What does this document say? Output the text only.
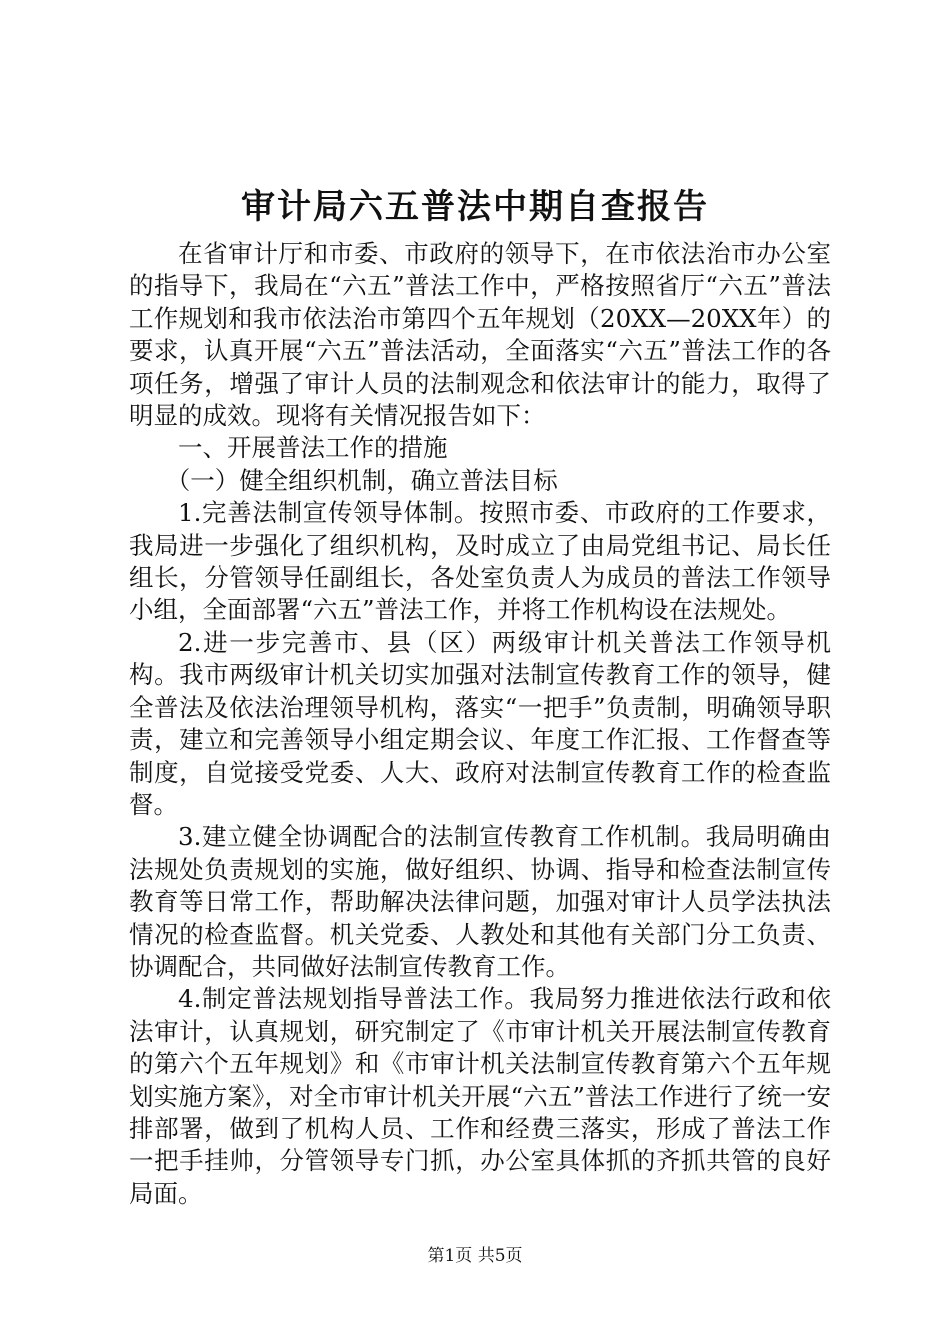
审计局六五普法中期自查报告

在省审计厅和市委、市政府的领导下，在市依法治市办公室的指导下，我局在“六五”普法工作中，严格按照省厅“六五”普法工作规划和我市依法治市第四个五年规划（20XX—20XX年）的要求，认真开展“六五”普法活动，全面落实“六五”普法工作的各项任务，增强了审计人员的法制观念和依法审计的能力，取得了明显的成效。现将有关情况报告如下：

一、开展普法工作的措施

（一）健全组织机制，确立普法目标

1.完善法制宣传领导体制。按照市委、市政府的工作要求，我局进一步强化了组织机构，及时成立了由局党组书记、局长任组长，分管领导任副组长，各处室负责人为成员的普法工作领导小组，全面部署“六五”普法工作，并将工作机构设在法规处。

2.进一步完善市、县（区）两级审计机关普法工作领导机构。我市两级审计机关切实加强对法制宣传教育工作的领导，健全普法及依法治理领导机构，落实“一把手”负责制，明确领导职责，建立和完善领导小组定期会议、年度工作汇报、工作督查等制度，自觉接受党委、人大、政府对法制宣传教育工作的检查监督。

3.建立健全协调配合的法制宣传教育工作机制。我局明确由法规处负责规划的实施，做好组织、协调、指导和检查法制宣传教育等日常工作，帮助解决法律问题，加强对审计人员学法执法情况的检查监督。机关党委、人教处和其他有关部门分工负责、协调配合，共同做好法制宣传教育工作。

4.制定普法规划指导普法工作。我局努力推进依法行政和依法审计，认真规划，研究制定了《市审计机关开展法制宣传教育的第六个五年规划》和《市审计机关法制宣传教育第六个五年规划实施方案》，对全市审计机关开展“六五”普法工作进行了统一安排部署，做到了机构人员、工作和经费三落实，形成了普法工作一把手挂帅，分管领导专门抓，办公室具体抓的齐抓共管的良好局面。

第1页 共5页
